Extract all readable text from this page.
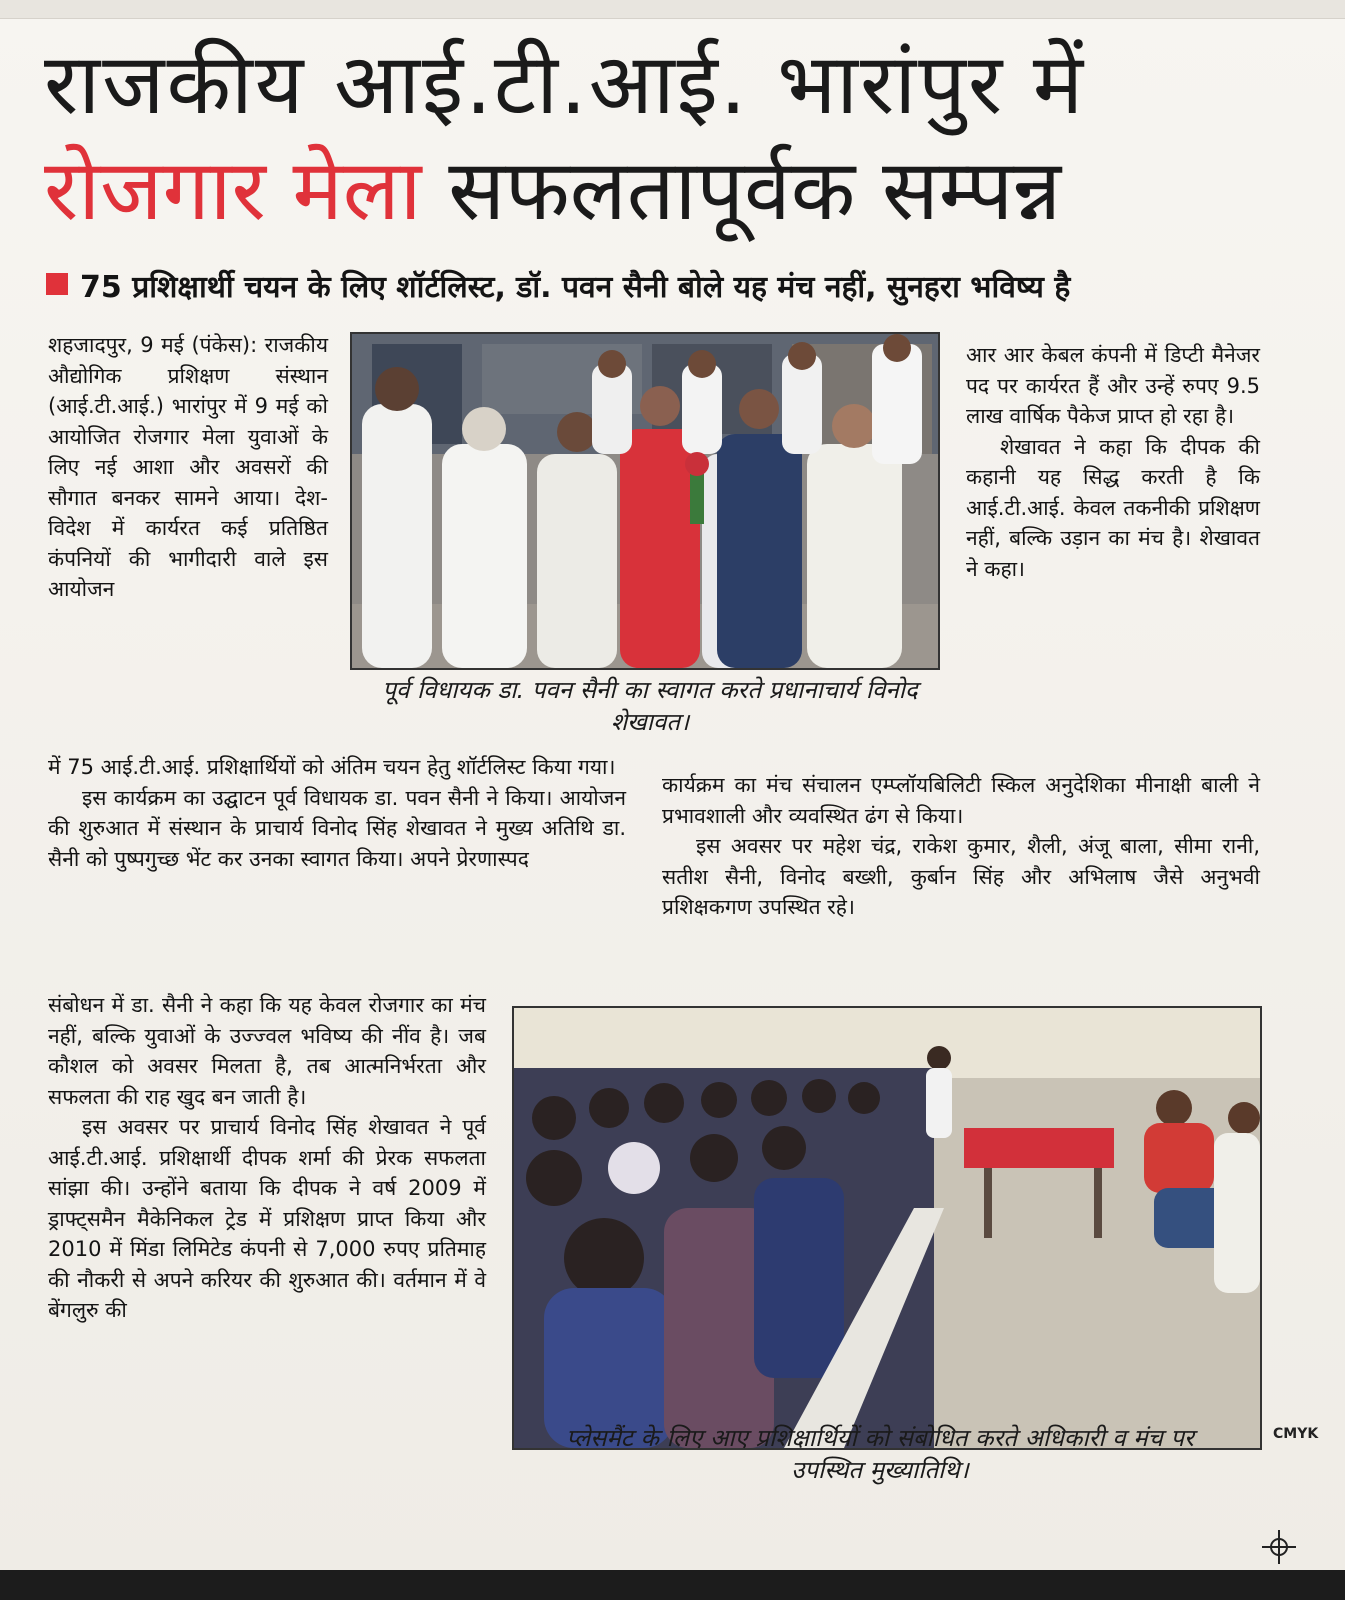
राजकीय आई.टी.आई. भारांपुर में
रोजगार मेला सफलतापूर्वक सम्पन्न
75 प्रशिक्षार्थी चयन के लिए शॉर्टलिस्ट, डॉ. पवन सैनी बोले यह मंच नहीं, सुनहरा भविष्य है

शहजादपुर, 9 मई (पंकेस): राजकीय औद्योगिक प्रशिक्षण संस्थान (आई.टी.आई.) भारांपुर में 9 मई को आयोजित रोजगार मेला युवाओं के लिए नई आशा और अवसरों की सौगात बनकर सामने आया। देश-विदेश में कार्यरत कई प्रतिष्ठित कंपनियों की भागीदारी वाले इस आयोजन

में 75 आई.टी.आई. प्रशिक्षार्थियों को अंतिम चयन हेतु शॉर्टलिस्ट किया गया।

इस कार्यक्रम का उद्घाटन पूर्व विधायक डा. पवन सैनी ने किया। आयोजन की शुरुआत में संस्थान के प्राचार्य विनोद सिंह शेखावत ने मुख्य अतिथि डा. सैनी को पुष्पगुच्छ भेंट कर उनका स्वागत किया। अपने प्रेरणास्पद

संबोधन में डा. सैनी ने कहा कि यह केवल रोजगार का मंच नहीं, बल्कि युवाओं के उज्ज्वल भविष्य की नींव है। जब कौशल को अवसर मिलता है, तब आत्मनिर्भरता और सफलता की राह खुद बन जाती है।

इस अवसर पर प्राचार्य विनोद सिंह शेखावत ने पूर्व आई.टी.आई. प्रशिक्षार्थी दीपक शर्मा की प्रेरक सफलता सांझा की। उन्होंने बताया कि दीपक ने वर्ष 2009 में ड्राफ्ट्समैन मैकेनिकल ट्रेड में प्रशिक्षण प्राप्त किया और 2010 में मिंडा लिमिटेड कंपनी से 7,000 रुपए प्रतिमाह की नौकरी से अपने करियर की शुरुआत की। वर्तमान में वे बेंगलुरु की

आर आर केबल कंपनी में डिप्टी मैनेजर पद पर कार्यरत हैं और उन्हें रुपए 9.5 लाख वार्षिक पैकेज प्राप्त हो रहा है।

शेखावत ने कहा कि दीपक की कहानी यह सिद्ध करती है कि आई.टी.आई. केवल तकनीकी प्रशिक्षण नहीं, बल्कि उड़ान का मंच है। शेखावत ने कहा।

कार्यक्रम का मंच संचालन एम्प्लॉयबिलिटी स्किल अनुदेशिका मीनाक्षी बाली ने प्रभावशाली और व्यवस्थित ढंग से किया।

इस अवसर पर महेश चंद्र, राकेश कुमार, शैली, अंजू बाला, सीमा रानी, सतीश सैनी, विनोद बख्शी, कुर्बान सिंह और अभिलाष जैसे अनुभवी प्रशिक्षकगण उपस्थित रहे।

पूर्व विधायक डा. पवन सैनी का स्वागत करते प्रधानाचार्य विनोद शेखावत।
प्लेसमैंट के लिए आए प्रशिक्षार्थियों को संबोधित करते अधिकारी व मंच पर उपस्थित मुख्यातिथि।
CMYK
